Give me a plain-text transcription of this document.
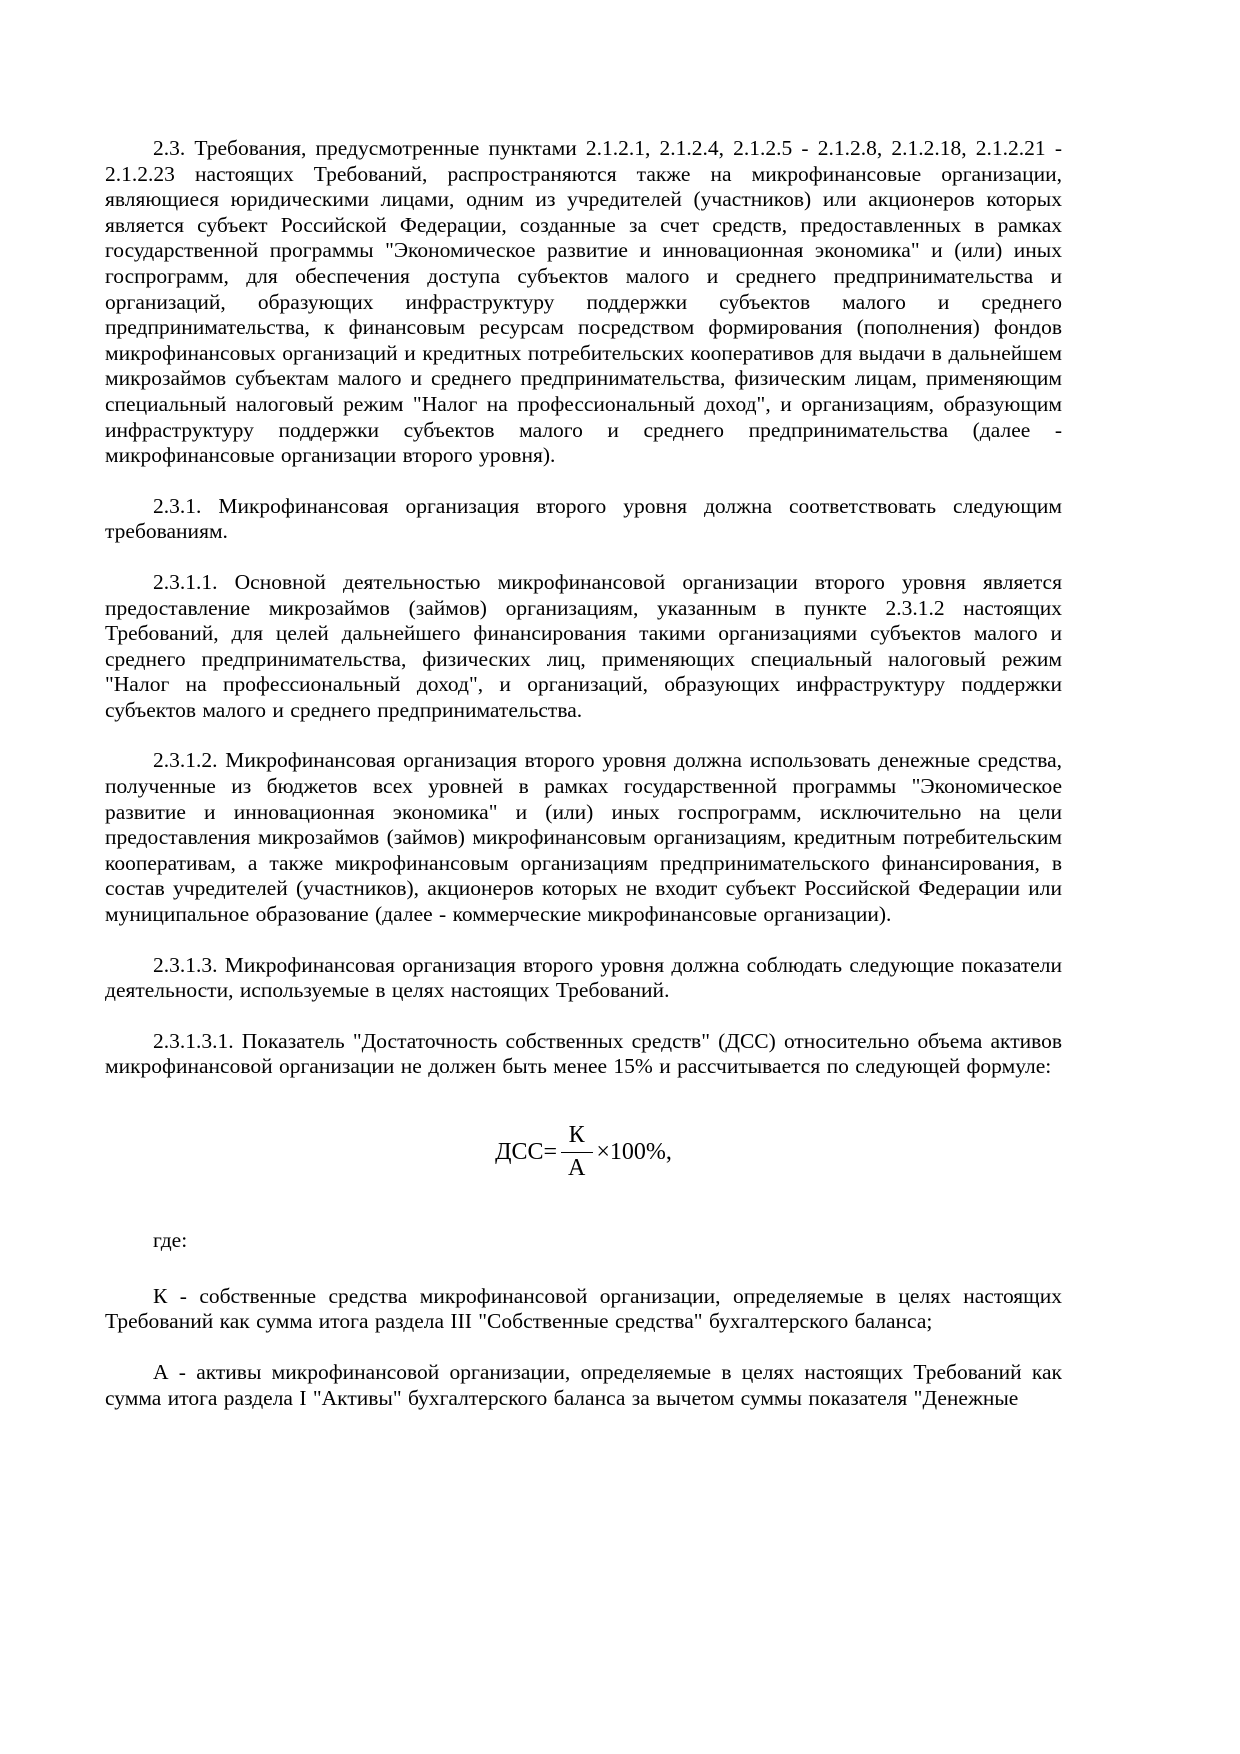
2.3. Требования, предусмотренные пунктами 2.1.2.1, 2.1.2.4, 2.1.2.5 - 2.1.2.8, 2.1.2.18, 2.1.2.21 - 2.1.2.23 настоящих Требований, распространяются также на микрофинансовые организации, являющиеся юридическими лицами, одним из учредителей (участников) или акционеров которых является субъект Российской Федерации, созданные за счет средств, предоставленных в рамках государственной программы "Экономическое развитие и инновационная экономика" и (или) иных госпрограмм, для обеспечения доступа субъектов малого и среднего предпринимательства и организаций, образующих инфраструктуру поддержки субъектов малого и среднего предпринимательства, к финансовым ресурсам посредством формирования (пополнения) фондов микрофинансовых организаций и кредитных потребительских кооперативов для выдачи в дальнейшем микрозаймов субъектам малого и среднего предпринимательства, физическим лицам, применяющим специальный налоговый режим "Налог на профессиональный доход", и организациям, образующим инфраструктуру поддержки субъектов малого и среднего предпринимательства (далее - микрофинансовые организации второго уровня).

2.3.1. Микрофинансовая организация второго уровня должна соответствовать следующим требованиям.

2.3.1.1. Основной деятельностью микрофинансовой организации второго уровня является предоставление микрозаймов (займов) организациям, указанным в пункте 2.3.1.2 настоящих Требований, для целей дальнейшего финансирования такими организациями субъектов малого и среднего предпринимательства, физических лиц, применяющих специальный налоговый режим "Налог на профессиональный доход", и организаций, образующих инфраструктуру поддержки субъектов малого и среднего предпринимательства.

2.3.1.2. Микрофинансовая организация второго уровня должна использовать денежные средства, полученные из бюджетов всех уровней в рамках государственной программы "Экономическое развитие и инновационная экономика" и (или) иных госпрограмм, исключительно на цели предоставления микрозаймов (займов) микрофинансовым организациям, кредитным потребительским кооперативам, а также микрофинансовым организациям предпринимательского финансирования, в состав учредителей (участников), акционеров которых не входит субъект Российской Федерации или муниципальное образование (далее - коммерческие микрофинансовые организации).

2.3.1.3. Микрофинансовая организация второго уровня должна соблюдать следующие показатели деятельности, используемые в целях настоящих Требований.

2.3.1.3.1. Показатель "Достаточность собственных средств" (ДСС) относительно объема активов микрофинансовой организации не должен быть менее 15% и рассчитывается по следующей формуле:

$ДСС= \frac{К}{А} \times 100\%$,

где:

К - собственные средства микрофинансовой организации, определяемые в целях настоящих Требований как сумма итога раздела III "Собственные средства" бухгалтерского баланса;

А - активы микрофинансовой организации, определяемые в целях настоящих Требований как сумма итога раздела I "Активы" бухгалтерского баланса за вычетом суммы показателя "Денежные
